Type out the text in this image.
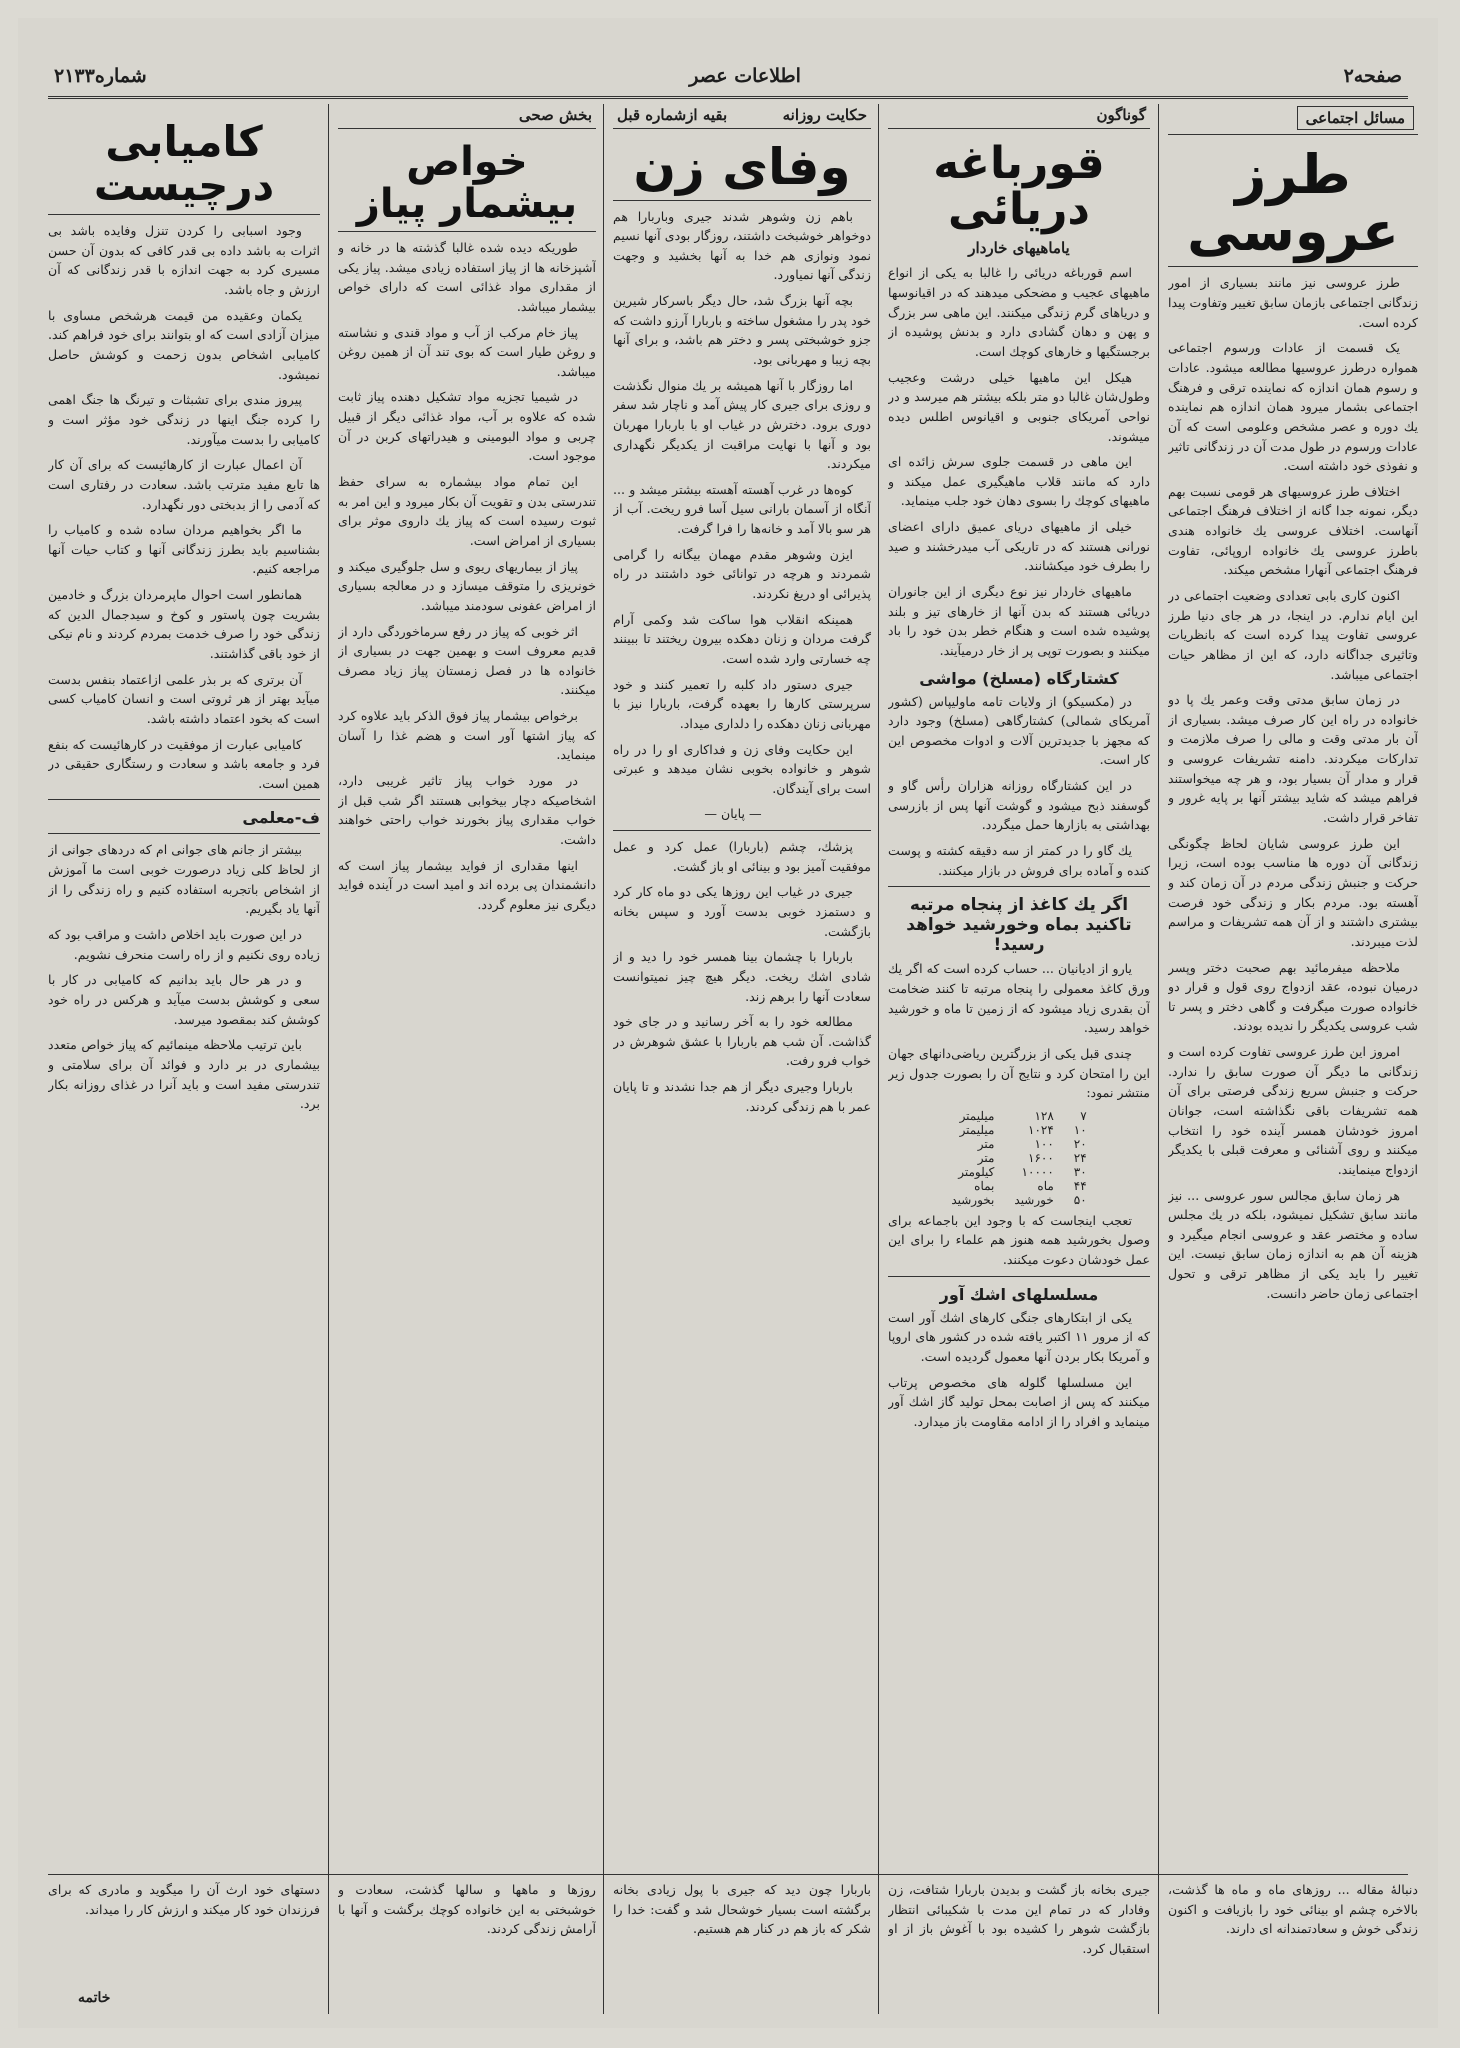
صفحه۲
اطلاعات عصر
شماره۲۱۳۳
مسائل اجتماعی
طرز عروسی

طرز عروسی نیز مانند بسیاری از امور زندگانی اجتماعی بازمان سابق تغییر وتفاوت پیدا کرده است.

یک قسمت از عادات ورسوم اجتماعی همواره درطرز عروسیها مطالعه میشود. عادات و رسوم همان اندازه که نماینده ترقی و فرهنگ اجتماعی بشمار میرود همان اندازه هم نماینده یك دوره و عصر مشخص وعلومی است که آن عادات ورسوم در طول مدت آن در زندگانی تاثیر و نفوذی خود داشته است.

اختلاف طرز عروسیهای هر قومی نسبت بهم دیگر، نمونه جدا گانه از اختلاف فرهنگ اجتماعی آنهاست. اختلاف عروسی یك خانواده هندی باطرز عروسی یك خانواده اروپائی، تفاوت فرهنگ اجتماعی آنهارا مشخص میکند.

اکنون کاری بابی تعدادی وضعیت اجتماعی در این ایام ندارم. در اینجا، در هر جای دنیا طرز عروسی تفاوت پیدا کرده است که بانظریات وتاثیری جداگانه دارد، که این از مظاهر حیات اجتماعی میباشد.

در زمان سابق مدتی وقت وعمر یك پا دو خانواده در راه این کار صرف میشد. بسیاری از آن بار مدتی وقت و مالی را صرف ملازمت و تدارکات میکردند. دامنه تشریفات عروسی و قرار و مدار آن بسیار بود، و هر چه میخواستند فراهم میشد که شاید بیشتر آنها بر پایه غرور و تفاخر قرار داشت.

این طرز عروسی شایان لحاظ چگونگی زندگانی آن دوره ها مناسب بوده است، زیرا حرکت و جنبش زندگی مردم در آن زمان کند و آهسته بود. مردم بکار و زندگی خود فرصت بیشتری داشتند و از آن همه تشریفات و مراسم لذت میبردند.

ملاحظه میفرمائید بهم صحبت دختر وپسر درمیان نبوده، عقد ازدواج روی قول و قرار دو خانواده صورت میگرفت و گاهی دختر و پسر تا شب عروسی یکدیگر را ندیده بودند.

امروز این طرز عروسی تفاوت کرده است و زندگانی ما دیگر آن صورت سابق را ندارد. حرکت و جنبش سریع زندگی فرصتی برای آن همه تشریفات باقی نگذاشته است، جوانان امروز خودشان همسر آینده خود را انتخاب میکنند و روی آشنائی و معرفت قبلی با یکدیگر ازدواج مینمایند.

هر زمان سابق مجالس سور عروسی ... نیز مانند سابق تشکیل نمیشود، بلکه در یك مجلس ساده و مختصر عقد و عروسی انجام میگیرد و هزینه آن هم به اندازه زمان سابق نیست. این تغییر را باید یکی از مظاهر ترقی و تحول اجتماعی زمان حاضر دانست.

گوناگون
قورباغه دریائی
یاماهیهای خاردار

اسم قورباغه دریائی را غالبا به یکی از انواع ماهیهای عجیب و مضحکی میدهند که در اقیانوسها و دریاهای گرم زندگی میکنند. این ماهی سر بزرگ و پهن و دهان گشادی دارد و بدنش پوشیده از برجستگیها و خارهای کوچك است.

هیکل این ماهیها خیلی درشت وعجیب وطول‌شان غالبا دو متر بلکه بیشتر هم میرسد و در نواحی آمریکای جنوبی و اقیانوس اطلس دیده میشوند.

این ماهی در قسمت جلوی سرش زائده ای دارد که مانند قلاب ماهیگیری عمل میکند و ماهیهای کوچك را بسوی دهان خود جلب مینماید.

خیلی از ماهیهای دریای عمیق دارای اعضای نورانی هستند که در تاریکی آب میدرخشند و صید را بطرف خود میکشانند.

ماهیهای خاردار نیز نوع دیگری از این جانوران دریائی هستند که بدن آنها از خارهای تیز و بلند پوشیده شده است و هنگام خطر بدن خود را باد میکنند و بصورت توپی پر از خار درمیآیند.

کشتارگاه (مسلخ) مواشی

در (مکسیکو) از ولایات تامه ماولیپاس (کشور آمریکای شمالی) کشتارگاهی (مسلخ) وجود دارد که مجهز با جدیدترین آلات و ادوات مخصوص این کار است.

در این کشتارگاه روزانه هزاران رأس گاو و گوسفند ذبح میشود و گوشت آنها پس از بازرسی بهداشتی به بازارها حمل میگردد.

یك گاو را در کمتر از سه دقیقه کشته و پوست کنده و آماده برای فروش در بازار میکنند.

اگر یك کاغذ از پنجاه مرتبه تاکنید بماه وخورشید خواهد رسید!

یارو از ادیانیان ... حساب کرده است که اگر یك ورق کاغذ معمولی را پنجاه مرتبه تا کنند ضخامت آن بقدری زیاد میشود که از زمین تا ماه و خورشید خواهد رسید.

چندی قبل یکی از بزرگترین ریاضی‌دانهای جهان این را امتحان کرد و نتایج آن را بصورت جدول زیر منتشر نمود:

۷	۱۲۸	میلیمتر
۱۰	۱۰۲۴	میلیمتر
۲۰	۱۰۰	متر
۲۴	۱۶۰۰	متر
۳۰	۱۰۰۰۰	کیلومتر
۴۴	ماه	بماه
۵۰	خورشید	بخورشید

تعجب اینجاست که با وجود این باجماعه برای وصول بخورشید همه هنوز هم علماء را برای این عمل خودشان دعوت میکنند.

مسلسلهای اشك آور

یکی از ابتکارهای جنگی کارهای اشك آور است که از مرور ۱۱ اکتبر یافته شده در کشور های اروپا و آمریکا بکار بردن آنها معمول گردیده است.

این مسلسلها گلوله های مخصوص پرتاب میکنند که پس از اصابت بمحل تولید گاز اشك آور مینماید و افراد را از ادامه مقاومت باز میدارد.

حکایت روزانه
بقیه ازشماره قبل
وفای زن

باهم زن وشوهر شدند جیری وباربارا هم دوخواهر خوشبخت داشتند، روزگار بودی آنها نسیم نمود ونوازی هم خدا به آنها بخشید و وجهت زندگی آنها نمیاورد.

بچه آنها بزرگ شد، حال دیگر باسرکار شیرین خود پدر را مشغول ساخته و باربارا آرزو داشت که جزو خوشبختی پسر و دختر هم باشد، و برای آنها بچه زیبا و مهربانی بود.

اما روزگار با آنها همیشه بر یك منوال نگذشت و روزی برای جیری کار پیش آمد و ناچار شد سفر دوری برود. دخترش در غیاب او با باربارا مهربان بود و آنها با نهایت مراقبت از یکدیگر نگهداری میکردند.

کوه‌ها در غرب آهسته آهسته بیشتر میشد و ... آنگاه از آسمان بارانی سیل آسا فرو ریخت. آب از هر سو بالا آمد و خانه‌ها را فرا گرفت.

ایزن وشوهر مقدم مهمان بیگانه را گرامی شمردند و هرچه در توانائی خود داشتند در راه پذیرائی او دریغ نکردند.

همینکه انقلاب هوا ساکت شد وکمی آرام گرفت مردان و زنان دهکده بیرون ریختند تا ببینند چه خسارتی وارد شده است.

جیری دستور داد کلبه را تعمیر کنند و خود سرپرستی کارها را بعهده گرفت، باربارا نیز با مهربانی زنان دهکده را دلداری میداد.

این حکایت وفای زن و فداکاری او را در راه شوهر و خانواده بخوبی نشان میدهد و عبرتی است برای آیندگان.

— پایان —

پزشك، چشم (باربارا) عمل کرد و عمل موفقیت آمیز بود و بینائی او باز گشت.

جیری در غیاب این روزها یکی دو ماه کار کرد و دستمزد خوبی بدست آورد و سپس بخانه بازگشت.

باربارا با چشمان بینا همسر خود را دید و از شادی اشك ریخت. دیگر هیچ چیز نمیتوانست سعادت آنها را برهم زند.

مطالعه خود را به آخر رسانید و در جای خود گذاشت. آن شب هم باربارا با عشق شوهرش در خواب فرو رفت.

باربارا وجیری دیگر از هم جدا نشدند و تا پایان عمر با هم زندگی کردند.

بخش صحی
خواص بیشمار پیاز

طوریکه دیده شده غالبا گذشته ها در خانه و آشپزخانه ها از پیاز استفاده زیادی میشد. پیاز یکی از مقداری مواد غذائی است که دارای خواص بیشمار میباشد.

پیاز خام مرکب از آب و مواد قندی و نشاسته و روغن طیار است که بوی تند آن از همین روغن میباشد.

در شیمیا تجزیه مواد تشکیل دهنده پیاز ثابت شده که علاوه بر آب، مواد غذائی دیگر از قبیل چربی و مواد البومینی و هیدراتهای کربن در آن موجود است.

این تمام مواد بیشماره به سرای حفظ تندرستی بدن و تقویت آن بکار میرود و این امر به ثبوت رسیده است که پیاز یك داروی موثر برای بسیاری از امراض است.

پیاز از بیماریهای ریوی و سل جلوگیری میکند و خونریزی را متوقف میسازد و در معالجه بسیاری از امراض عفونی سودمند میباشد.

اثر خوبی که پیاز در رفع سرماخوردگی دارد از قدیم معروف است و بهمین جهت در بسیاری از خانواده ها در فصل زمستان پیاز زیاد مصرف میکنند.

برخواص بیشمار پیاز فوق الذکر باید علاوه کرد که پیاز اشتها آور است و هضم غذا را آسان مینماید.

در مورد خواب پیاز تاثیر غریبی دارد، اشخاصیکه دچار بیخوابی هستند اگر شب قبل از خواب مقداری پیاز بخورند خواب راحتی خواهند داشت.

اینها مقداری از فواید بیشمار پیاز است که دانشمندان پی برده اند و امید است در آینده فواید دیگری نیز معلوم گردد.

کامیابی درچیست

وجود اسبابی را کردن تنزل وفایده باشد بی اثرات به باشد داده بی قدر کافی که بدون آن حسن مسیری کرد به جهت اندازه با قدر زندگانی که آن ارزش و جاه باشد.

یکمان وعقیده من قیمت هرشخص مساوی با میزان آزادی است که او بتوانند برای خود فراهم کند. کامیابی اشخاص بدون زحمت و کوشش حاصل نمیشود.

پیروز مندی برای تشبثات و تیرنگ ها جنگ اهمی را کرده جنگ اینها در زندگی خود مؤثر است و کامیابی را بدست میآورند.

آن اعمال عبارت از کارهائیست که برای آن کار ها تابع مفید مترتب باشد. سعادت در رفتاری است که آدمی را از بدبختی دور نگهدارد.

ما اگر بخواهیم مردان ساده شده و کامیاب را بشناسیم باید بطرز زندگانی آنها و کتاب حیات آنها مراجعه کنیم.

همانطور است احوال ماپرمردان بزرگ و خادمین بشریت چون پاستور و کوخ و سیدجمال الدین که زندگی خود را صرف خدمت بمردم کردند و نام نیکی از خود باقی گذاشتند.

آن برتری که بر بذر علمی ازاعتماد بنفس بدست میآید بهتر از هر ثروتی است و انسان کامیاب کسی است که بخود اعتماد داشته باشد.

کامیابی عبارت از موفقیت در کارهائیست که بنفع فرد و جامعه باشد و سعادت و رستگاری حقیقی در همین است.

ف-معلمی

بیشتر از جانم های جوانی ام که دردهای جوانی از از لحاظ کلی زیاد درصورت خوبی است ما آموزش از اشخاص باتجربه استفاده کنیم و راه زندگی را از آنها یاد بگیریم.

در این صورت باید اخلاص داشت و مراقب بود که زیاده روی نکنیم و از راه راست منحرف نشویم.

و در هر حال باید بدانیم که کامیابی در کار با سعی و کوشش بدست میآید و هرکس در راه خود کوشش کند بمقصود میرسد.

باین ترتیب ملاحظه مینمائیم که پیاز خواص متعدد بیشماری در بر دارد و فوائد آن برای سلامتی و تندرستی مفید است و باید آنرا در غذای روزانه بکار برد.

دنبالۀ مقاله ... روزهای ماه و ماه ها گذشت، بالاخره چشم او بینائی خود را بازیافت و اکنون زندگی خوش و سعادتمندانه ای دارند.
جیری بخانه باز گشت و بدیدن باربارا شتافت، زن وفادار که در تمام این مدت با شکیبائی انتظار بازگشت شوهر را کشیده بود با آغوش باز از او استقبال کرد.
باربارا چون دید که جیری با پول زیادی بخانه برگشته است بسیار خوشحال شد و گفت: خدا را شکر که باز هم در کنار هم هستیم.
روزها و ماهها و سالها گذشت، سعادت و خوشبختی به این خانواده کوچك برگشت و آنها با آرامش زندگی کردند.
دستهای خود ارث آن را میگوید و مادری که برای فرزندان خود کار میکند و ارزش کار را میداند.
خاتمه
